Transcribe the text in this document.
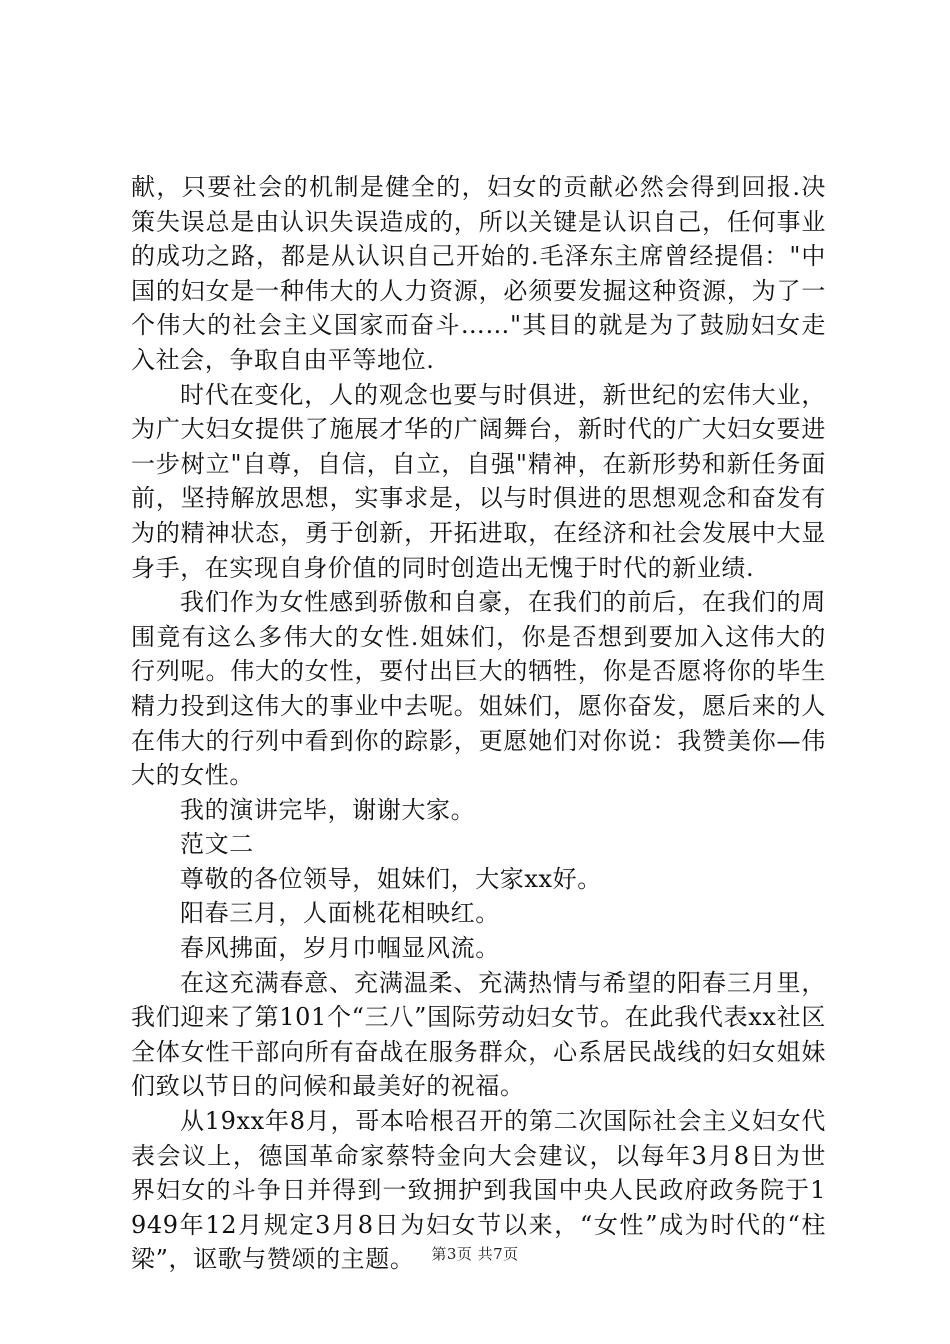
献，只要社会的机制是健全的，妇女的贡献必然会得到回报.决策失误总是由认识失误造成的，所以关键是认识自己，任何事业的成功之路，都是从认识自己开始的.毛泽东主席曾经提倡："中国的妇女是一种伟大的人力资源，必须要发掘这种资源，为了一个伟大的社会主义国家而奋斗……"其目的就是为了鼓励妇女走入社会，争取自由平等地位.

时代在变化，人的观念也要与时俱进，新世纪的宏伟大业，为广大妇女提供了施展才华的广阔舞台，新时代的广大妇女要进一步树立"自尊，自信，自立，自强"精神，在新形势和新任务面前，坚持解放思想，实事求是，以与时俱进的思想观念和奋发有为的精神状态，勇于创新，开拓进取，在经济和社会发展中大显身手，在实现自身价值的同时创造出无愧于时代的新业绩.

我们作为女性感到骄傲和自豪，在我们的前后，在我们的周围竟有这么多伟大的女性.姐妹们，你是否想到要加入这伟大的行列呢。伟大的女性，要付出巨大的牺牲，你是否愿将你的毕生精力投到这伟大的事业中去呢。姐妹们，愿你奋发，愿后来的人在伟大的行列中看到你的踪影，更愿她们对你说：我赞美你—伟大的女性。

我的演讲完毕，谢谢大家。

范文二

尊敬的各位领导，姐妹们，大家xx好。

阳春三月，人面桃花相映红。

春风拂面，岁月巾帼显风流。

在这充满春意、充满温柔、充满热情与希望的阳春三月里，我们迎来了第101个“三八”国际劳动妇女节。在此我代表xx社区全体女性干部向所有奋战在服务群众，心系居民战线的妇女姐妹们致以节日的问候和最美好的祝福。

从19xx年8月，哥本哈根召开的第二次国际社会主义妇女代表会议上，德国革命家蔡特金向大会建议，以每年3月8日为世界妇女的斗争日并得到一致拥护到我国中央人民政府政务院于1949年12月规定3月8日为妇女节以来，“女性”成为时代的“柱梁”，讴歌与赞颂的主题。	第3页 共7页
